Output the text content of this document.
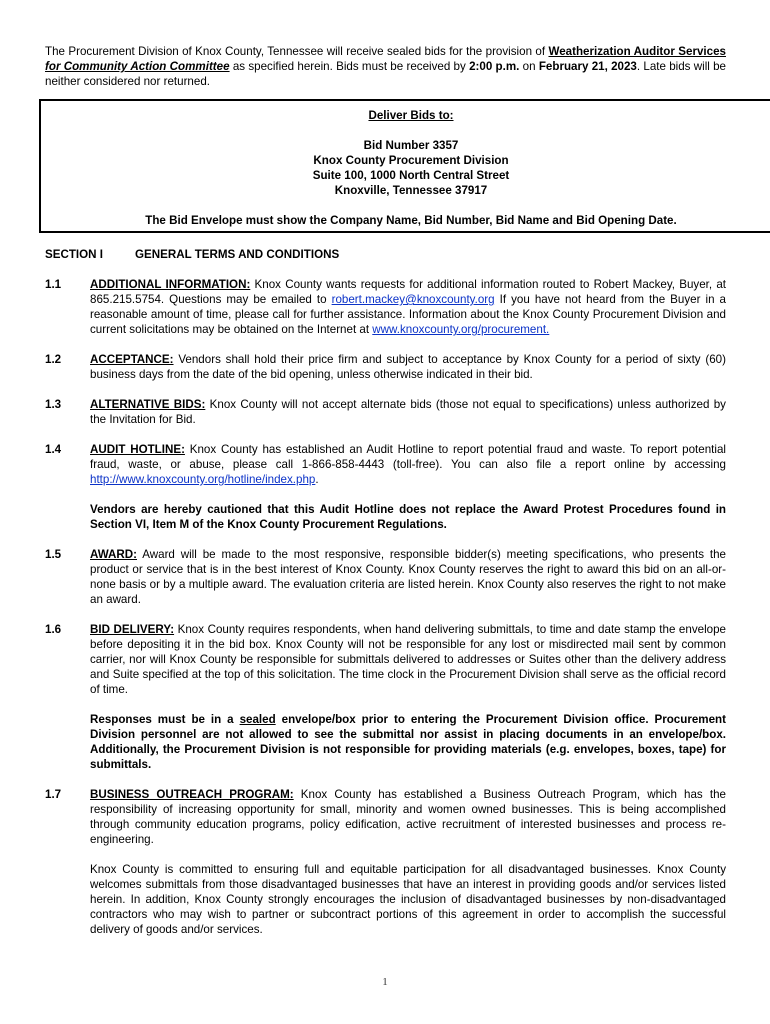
The Procurement Division of Knox County, Tennessee will receive sealed bids for the provision of Weatherization Auditor Services for Community Action Committee as specified herein. Bids must be received by 2:00 p.m. on February 21, 2023. Late bids will be neither considered nor returned.

Deliver Bids to:
Bid Number 3357
Knox County Procurement Division
Suite 100, 1000 North Central Street
Knoxville, Tennessee 37917
The Bid Envelope must show the Company Name, Bid Number, Bid Name and Bid Opening Date.
SECTION I	GENERAL TERMS AND CONDITIONS
1.1	ADDITIONAL INFORMATION: Knox County wants requests for additional information routed to Robert Mackey, Buyer, at 865.215.5754. Questions may be emailed to robert.mackey@knoxcounty.org If you have not heard from the Buyer in a reasonable amount of time, please call for further assistance. Information about the Knox County Procurement Division and current solicitations may be obtained on the Internet at www.knoxcounty.org/procurement.

1.2	ACCEPTANCE: Vendors shall hold their price firm and subject to acceptance by Knox County for a period of sixty (60) business days from the date of the bid opening, unless otherwise indicated in their bid.

1.3	ALTERNATIVE BIDS: Knox County will not accept alternate bids (those not equal to specifications) unless authorized by the Invitation for Bid.

1.4	AUDIT HOTLINE: Knox County has established an Audit Hotline to report potential fraud and waste. To report potential fraud, waste, or abuse, please call 1-866-858-4443 (toll-free). You can also file a report online by accessing http://www.knoxcounty.org/hotline/index.php.

Vendors are hereby cautioned that this Audit Hotline does not replace the Award Protest Procedures found in Section VI, Item M of the Knox County Procurement Regulations.

1.5	AWARD: Award will be made to the most responsive, responsible bidder(s) meeting specifications, who presents the product or service that is in the best interest of Knox County. Knox County reserves the right to award this bid on an all-or-none basis or by a multiple award. The evaluation criteria are listed herein. Knox County also reserves the right to not make an award.

1.6	BID DELIVERY: Knox County requires respondents, when hand delivering submittals, to time and date stamp the envelope before depositing it in the bid box. Knox County will not be responsible for any lost or misdirected mail sent by common carrier, nor will Knox County be responsible for submittals delivered to addresses or Suites other than the delivery address and Suite specified at the top of this solicitation. The time clock in the Procurement Division shall serve as the official record of time.

Responses must be in a sealed envelope/box prior to entering the Procurement Division office. Procurement Division personnel are not allowed to see the submittal nor assist in placing documents in an envelope/box. Additionally, the Procurement Division is not responsible for providing materials (e.g. envelopes, boxes, tape) for submittals.

1.7	BUSINESS OUTREACH PROGRAM: Knox County has established a Business Outreach Program, which has the responsibility of increasing opportunity for small, minority and women owned businesses. This is being accomplished through community education programs, policy edification, active recruitment of interested businesses and process re-engineering.

Knox County is committed to ensuring full and equitable participation for all disadvantaged businesses. Knox County welcomes submittals from those disadvantaged businesses that have an interest in providing goods and/or services listed herein. In addition, Knox County strongly encourages the inclusion of disadvantaged businesses by non-disadvantaged contractors who may wish to partner or subcontract portions of this agreement in order to accomplish the successful delivery of goods and/or services.

1
